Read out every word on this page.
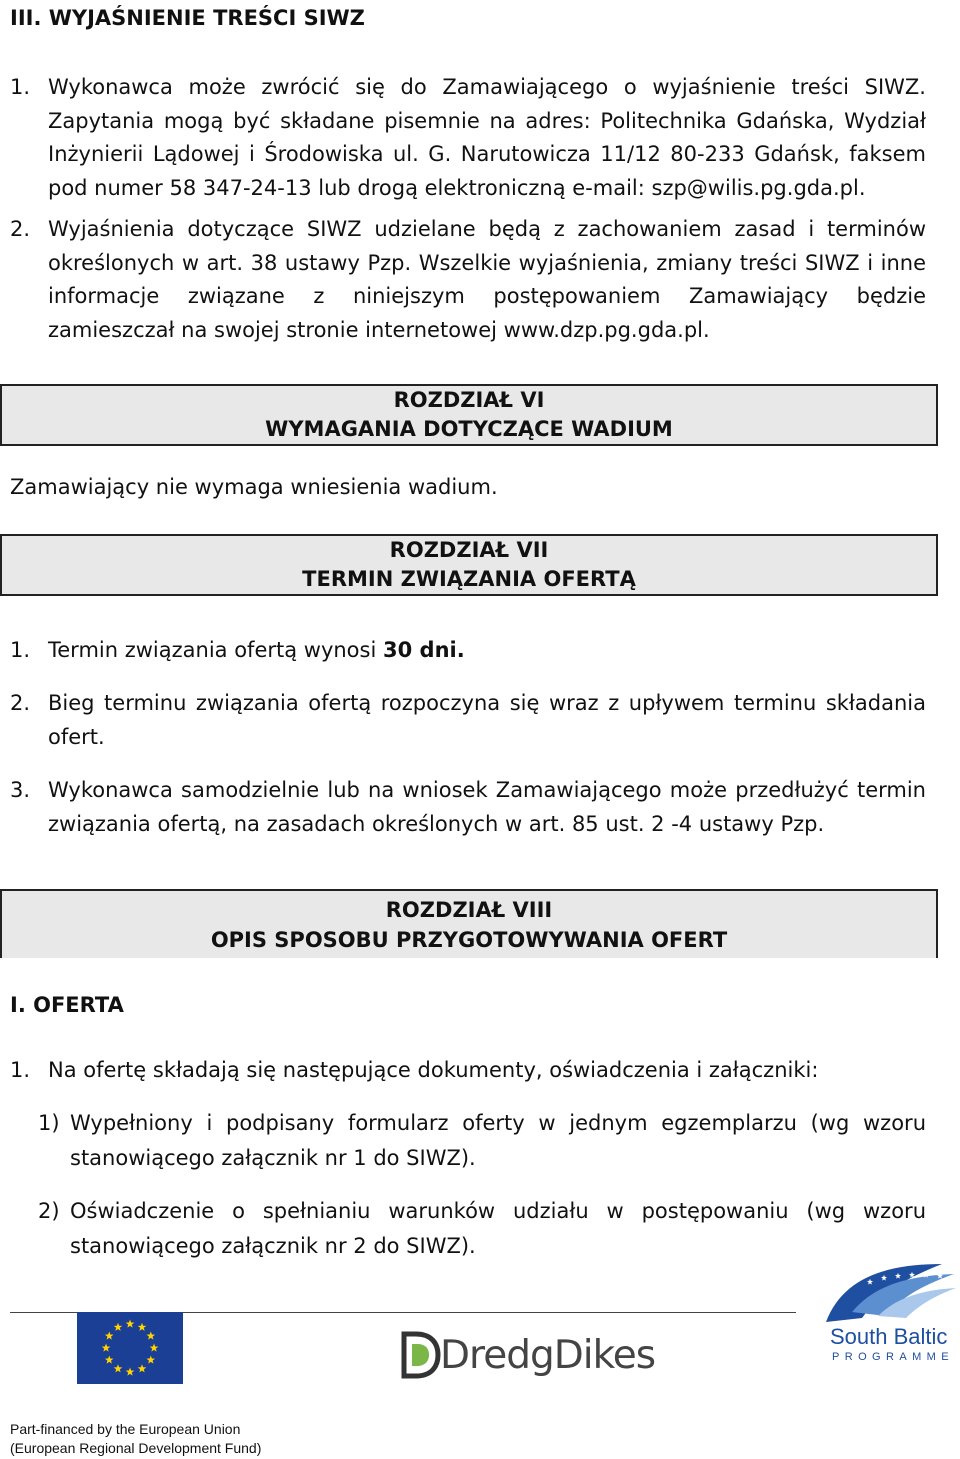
III. WYJAŚNIENIE TREŚCI SIWZ
1. Wykonawca może zwrócić się do Zamawiającego o wyjaśnienie treści SIWZ. Zapytania mogą być składane pisemnie na adres: Politechnika Gdańska, Wydział Inżynierii Lądowej i Środowiska ul. G. Narutowicza 11/12 80-233 Gdańsk, faksem pod numer 58 347-24-13 lub drogą elektroniczną e-mail: szp@wilis.pg.gda.pl.
2. Wyjaśnienia dotyczące SIWZ udzielane będą z zachowaniem zasad i terminów określonych w art. 38 ustawy Pzp. Wszelkie wyjaśnienia, zmiany treści SIWZ i inne informacje związane z niniejszym postępowaniem Zamawiający będzie zamieszczał na swojej stronie internetowej www.dzp.pg.gda.pl.
ROZDZIAŁ VI
WYMAGANIA DOTYCZĄCE WADIUM
Zamawiający nie wymaga wniesienia wadium.
ROZDZIAŁ VII
TERMIN ZWIĄZANIA OFERTĄ
1. Termin związania ofertą wynosi 30 dni.
2. Bieg terminu związania ofertą rozpoczyna się wraz z upływem terminu składania ofert.
3. Wykonawca samodzielnie lub na wniosek Zamawiającego może przedłużyć termin związania ofertą, na zasadach określonych w art. 85 ust. 2 -4 ustawy Pzp.
ROZDZIAŁ VIII
OPIS SPOSOBU PRZYGOTOWYWANIA OFERT
I. OFERTA
1. Na ofertę składają się następujące dokumenty, oświadczenia i załączniki:
1) Wypełniony i podpisany formularz oferty w jednym egzemplarzu (wg wzoru stanowiącego załącznik nr 1 do SIWZ).
2) Oświadczenie o spełnianiu warunków udziału w postępowaniu (wg wzoru stanowiącego załącznik nr 2 do SIWZ).
DredgDikes	South Baltic
PROGRAMME
Part-financed by the European Union
(European Regional Development Fund)
